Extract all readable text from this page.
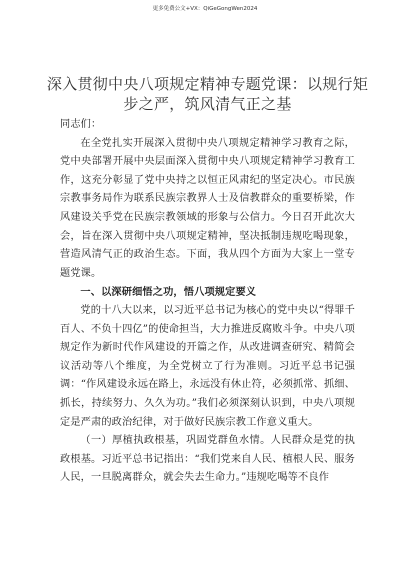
更多免费公文+VX：QiGeGongWen2024
深入贯彻中央八项规定精神专题党课：以规行矩步之严，筑风清气正之基

同志们：

在全党扎实开展深入贯彻中央八项规定精神学习教育之际，党中央部署开展中央层面深入贯彻中央八项规定精神学习教育工作，这充分彰显了党中央持之以恒正风肃纪的坚定决心。市民族宗教事务局作为联系民族宗教界人士及信教群众的重要桥梁，作风建设关乎党在民族宗教领域的形象与公信力。今日召开此次大会，旨在深入贯彻中央八项规定精神，坚决抵制违规吃喝现象，营造风清气正的政治生态。下面，我从四个方面为大家上一堂专题党课。

一、以深研细悟之功，悟八项规定要义

党的十八大以来，以习近平总书记为核心的党中央以“得罪千百人、不负十四亿”的使命担当，大力推进反腐败斗争。中央八项规定作为新时代作风建设的开篇之作，从改进调查研究、精简会议活动等八个维度，为全党树立了行为准则。习近平总书记强调：“作风建设永远在路上，永远没有休止符，必须抓常、抓细、抓长，持续努力、久久为功。”我们必须深刻认识到，中央八项规定是严肃的政治纪律，对于做好民族宗教工作意义重大。

（一）厚植执政根基，巩固党群鱼水情。人民群众是党的执政根基。习近平总书记指出：“我们党来自人民、植根人民、服务人民，一旦脱离群众，就会失去生命力。”违规吃喝等不良作
